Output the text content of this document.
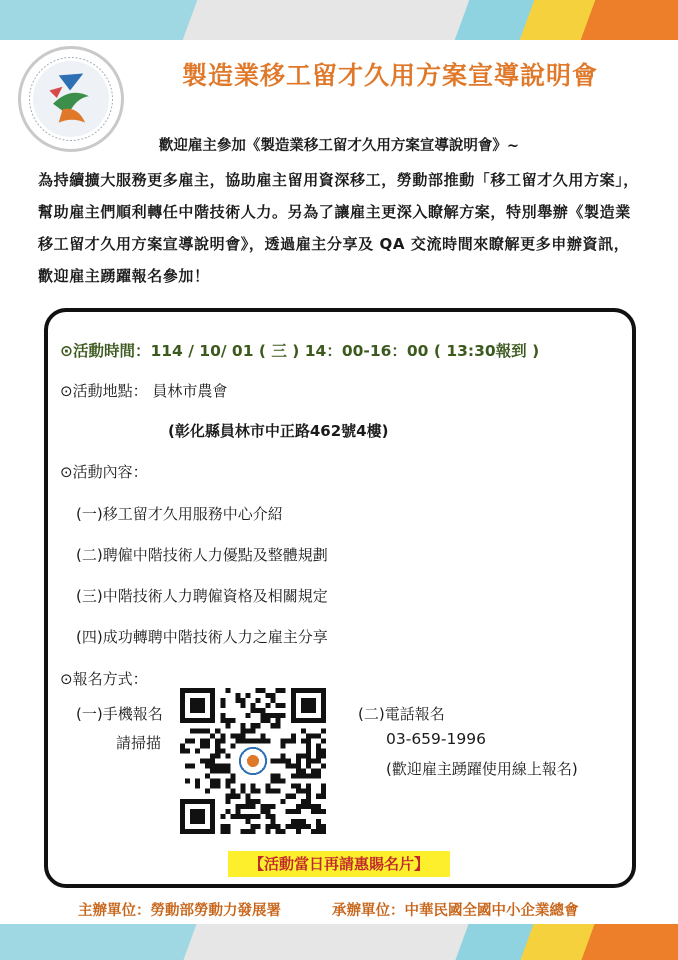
製造業移工留才久用方案宣導說明會
歡迎雇主參加《製造業移工留才久用方案宣導說明會》~
為持續擴大服務更多雇主，協助雇主留用資深移工，勞動部推動「移工留才久用方案」，幫助雇主們順利轉任中階技術人力。另為了讓雇主更深入瞭解方案，特別舉辦《製造業移工留才久用方案宣導說明會》，透過雇主分享及 QA 交流時間來瞭解更多申辦資訊，歡迎雇主踴躍報名參加！
⊙活動時間：114 / 10/ 01 ( 三 ) 14：00-16：00 ( 13:30報到 )
⊙活動地點： 員林市農會
(彰化縣員林市中正路462號4樓)
⊙活動內容：
(一)移工留才久用服務中心介紹
(二)聘僱中階技術人力優點及整體規劃
(三)中階技術人力聘僱資格及相關規定
(四)成功轉聘中階技術人力之雇主分享
⊙報名方式：
(一)手機報名
請掃描
(二)電話報名
03-659-1996
(歡迎雇主踴躍使用線上報名)
【活動當日再請惠賜名片】
主辦單位：勞動部勞動力發展署	承辦單位：中華民國全國中小企業總會
